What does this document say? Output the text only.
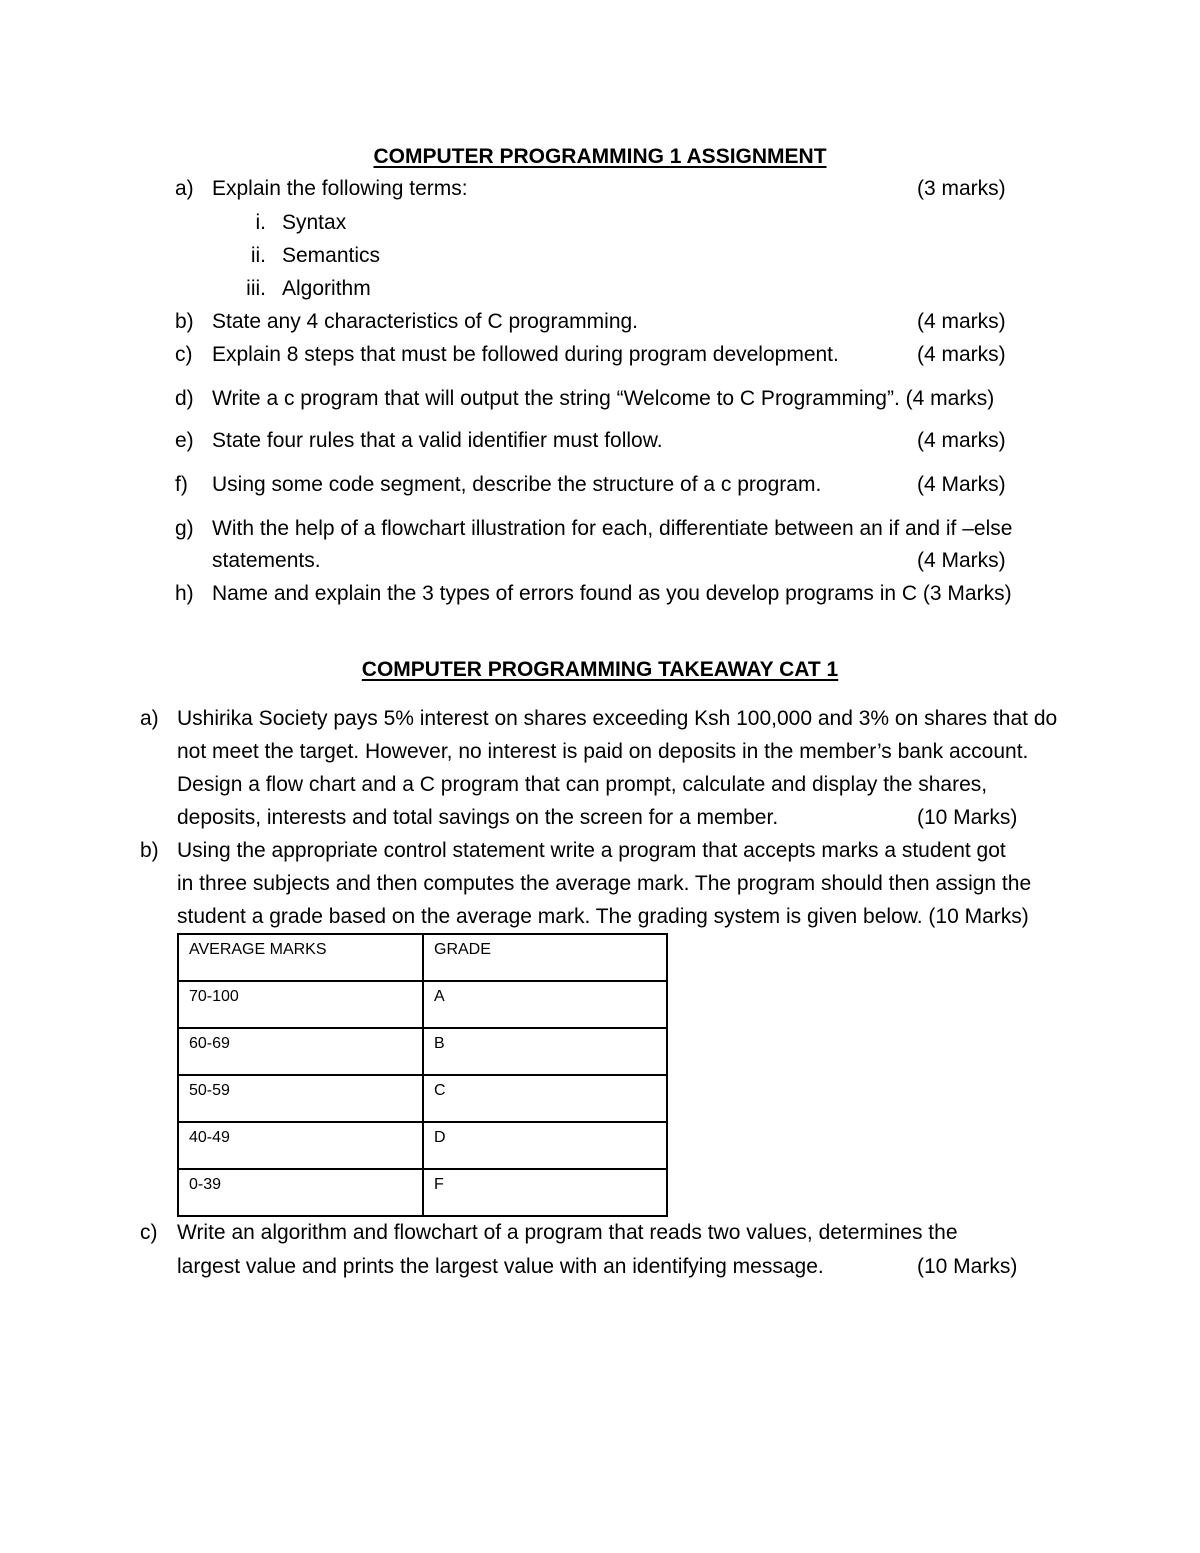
COMPUTER PROGRAMMING 1 ASSIGNMENT
a) Explain the following terms:	(3 marks)
i. Syntax
ii. Semantics
iii. Algorithm
b) State any 4 characteristics of C programming.	(4 marks)
c) Explain 8 steps that must be followed during program development.	(4 marks)
d) Write a c program that will output the string “Welcome to C Programming”. (4 marks)
e) State four rules that a valid identifier must follow.	(4 marks)
f) Using some code segment, describe the structure of a c program.	(4 Marks)
g) With the help of a flowchart illustration for each, differentiate between an if and if –else
statements.	(4 Marks)
h) Name and explain the 3 types of errors found as you develop programs in C (3 Marks)
COMPUTER PROGRAMMING TAKEAWAY CAT 1
a) Ushirika Society pays 5% interest on shares exceeding Ksh 100,000 and 3% on shares that do
not meet the target. However, no interest is paid on deposits in the member’s bank account.
Design a flow chart and a C program that can prompt, calculate and display the shares,
deposits, interests and total savings on the screen for a member.	(10 Marks)
b) Using the appropriate control statement write a program that accepts marks a student got
in three subjects and then computes the average mark. The program should then assign the
student a grade based on the average mark. The grading system is given below. (10 Marks)
AVERAGE MARKS	GRADE
70-100	A
60-69	B
50-59	C
40-49	D
0-39	F
c) Write an algorithm and flowchart of a program that reads two values, determines the
largest value and prints the largest value with an identifying message.	(10 Marks)
